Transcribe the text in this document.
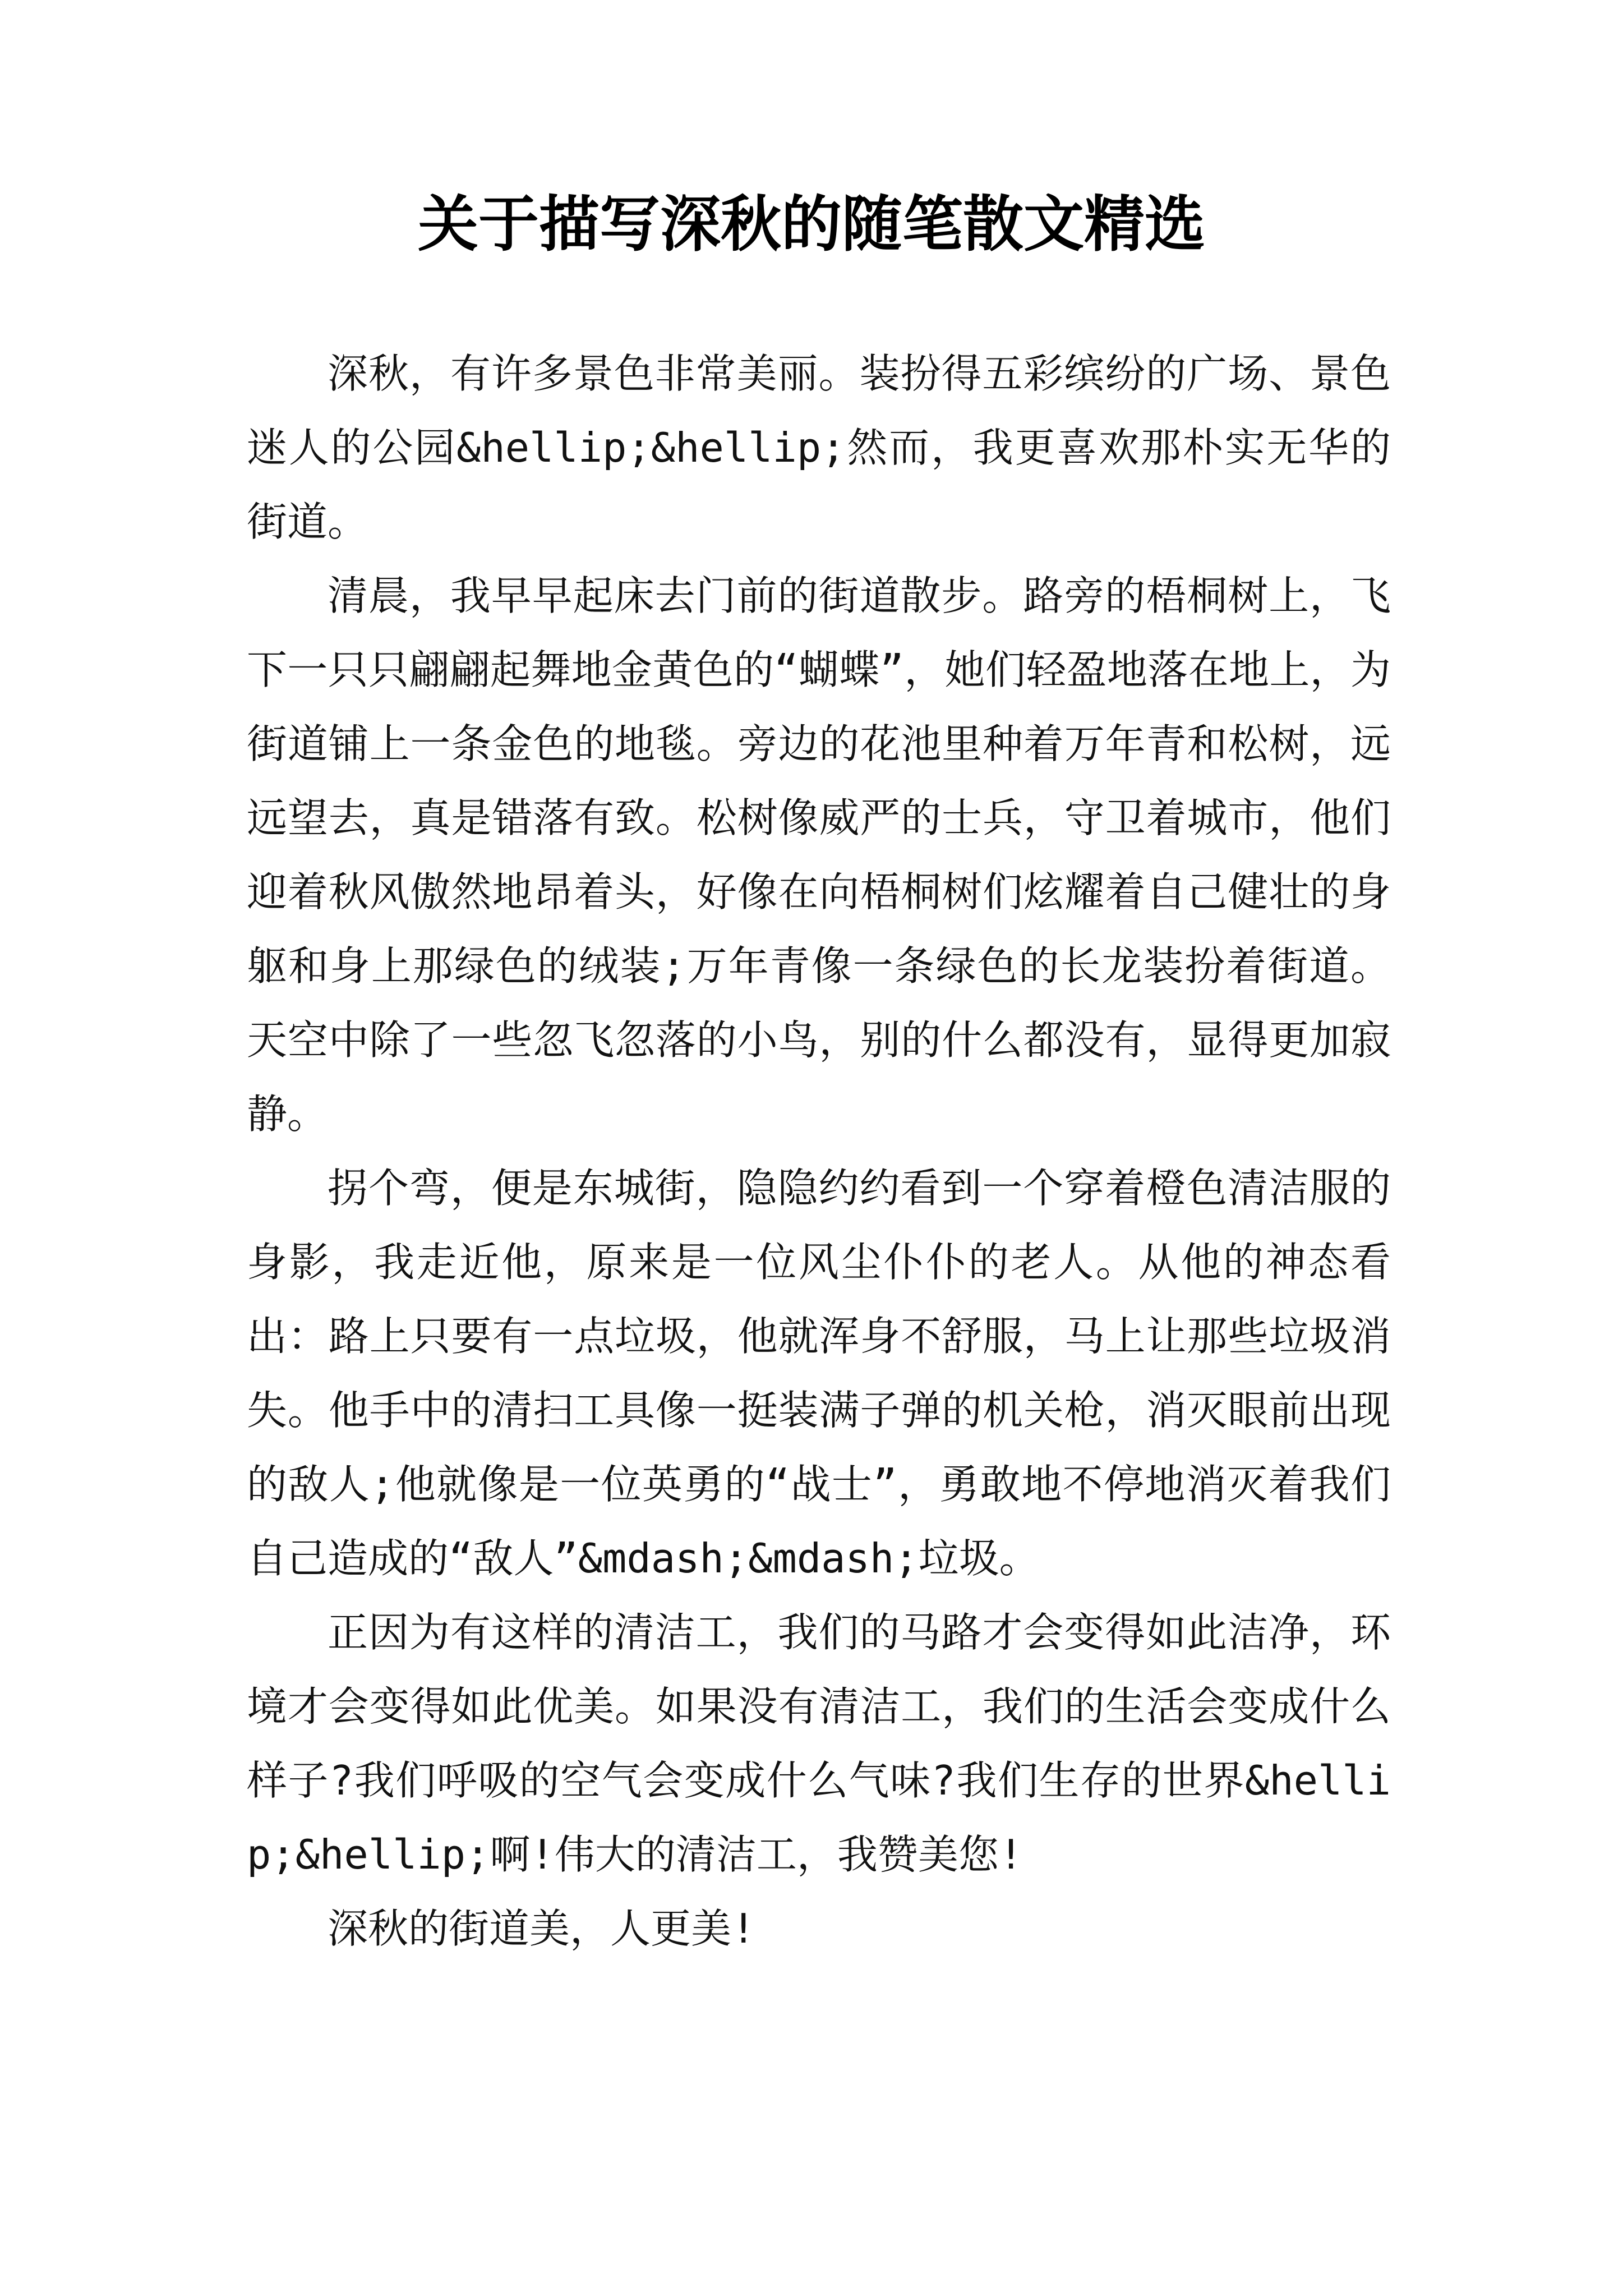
关于描写深秋的随笔散文精选

深秋，有许多景色非常美丽。装扮得五彩缤纷的广场、景色迷人的公园&hellip;&hellip;然而，我更喜欢那朴实无华的街道。

清晨，我早早起床去门前的街道散步。路旁的梧桐树上，飞下一只只翩翩起舞地金黄色的“蝴蝶”，她们轻盈地落在地上，为街道铺上一条金色的地毯。旁边的花池里种着万年青和松树，远远望去，真是错落有致。松树像威严的士兵，守卫着城市，他们迎着秋风傲然地昂着头，好像在向梧桐树们炫耀着自己健壮的身躯和身上那绿色的绒装;万年青像一条绿色的长龙装扮着街道。天空中除了一些忽飞忽落的小鸟，别的什么都没有，显得更加寂静。

拐个弯，便是东城街，隐隐约约看到一个穿着橙色清洁服的身影，我走近他，原来是一位风尘仆仆的老人。从他的神态看出：路上只要有一点垃圾，他就浑身不舒服，马上让那些垃圾消失。他手中的清扫工具像一挺装满子弹的机关枪，消灭眼前出现的敌人;他就像是一位英勇的“战士”，勇敢地不停地消灭着我们自己造成的“敌人”&mdash;&mdash;垃圾。

正因为有这样的清洁工，我们的马路才会变得如此洁净，环境才会变得如此优美。如果没有清洁工，我们的生活会变成什么样子?我们呼吸的空气会变成什么气味?我们生存的世界&hellip;&hellip;啊!伟大的清洁工，我赞美您!

深秋的街道美，人更美!
